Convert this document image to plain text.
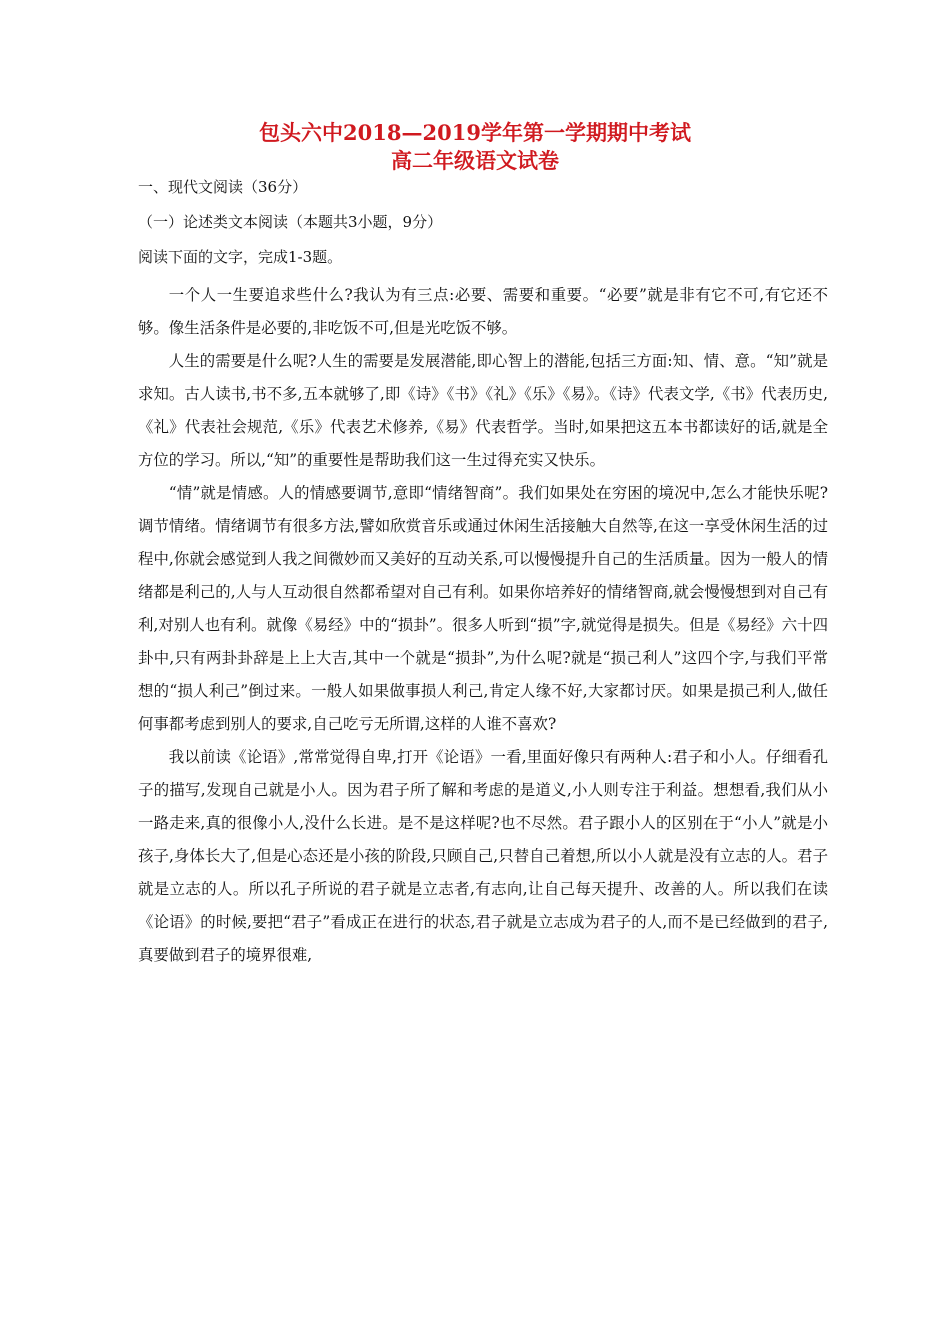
包头六中2018—2019学年第一学期期中考试
高二年级语文试卷
一、现代文阅读（36分）
（一）论述类文本阅读（本题共3小题，9分）
阅读下面的文字，完成1-3题。

一个人一生要追求些什么?我认为有三点:必要、需要和重要。“必要”就是非有它不可,有它还不够。像生活条件是必要的,非吃饭不可,但是光吃饭不够。

人生的需要是什么呢?人生的需要是发展潜能,即心智上的潜能,包括三方面:知、情、意。“知”就是求知。古人读书,书不多,五本就够了,即《诗》《书》《礼》《乐》《易》。《诗》代表文学,《书》代表历史,《礼》代表社会规范,《乐》代表艺术修养,《易》代表哲学。当时,如果把这五本书都读好的话,就是全方位的学习。所以,“知”的重要性是帮助我们这一生过得充实又快乐。

“情”就是情感。人的情感要调节,意即“情绪智商”。我们如果处在穷困的境况中,怎么才能快乐呢?调节情绪。情绪调节有很多方法,譬如欣赏音乐或通过休闲生活接触大自然等,在这一享受休闲生活的过程中,你就会感觉到人我之间微妙而又美好的互动关系,可以慢慢提升自己的生活质量。因为一般人的情绪都是利己的,人与人互动很自然都希望对自己有利。如果你培养好的情绪智商,就会慢慢想到对自己有利,对别人也有利。就像《易经》中的“损卦”。很多人听到“损”字,就觉得是损失。但是《易经》六十四卦中,只有两卦卦辞是上上大吉,其中一个就是“损卦”,为什么呢?就是“损己利人”这四个字,与我们平常想的“损人利己”倒过来。一般人如果做事损人利己,肯定人缘不好,大家都讨厌。如果是损己利人,做任何事都考虑到别人的要求,自己吃亏无所谓,这样的人谁不喜欢?

我以前读《论语》,常常觉得自卑,打开《论语》一看,里面好像只有两种人:君子和小人。仔细看孔子的描写,发现自己就是小人。因为君子所了解和考虑的是道义,小人则专注于利益。想想看,我们从小一路走来,真的很像小人,没什么长进。是不是这样呢?也不尽然。君子跟小人的区别在于“小人”就是小孩子,身体长大了,但是心态还是小孩的阶段,只顾自己,只替自己着想,所以小人就是没有立志的人。君子就是立志的人。所以孔子所说的君子就是立志者,有志向,让自己每天提升、改善的人。所以我们在读《论语》的时候,要把“君子”看成正在进行的状态,君子就是立志成为君子的人,而不是已经做到的君子,真要做到君子的境界很难,
